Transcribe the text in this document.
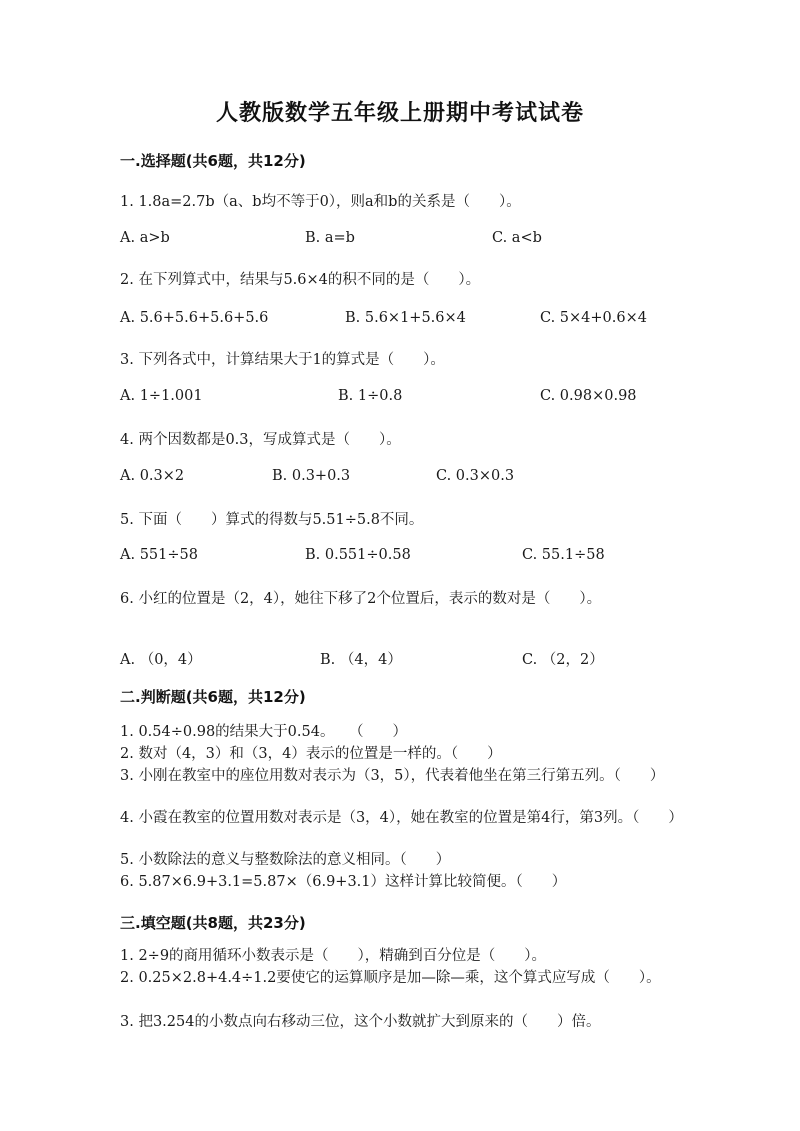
人教版数学五年级上册期中考试试卷
一.选择题(共6题，共12分)
1. 1.8a=2.7b（a、b均不等于0），则a和b的关系是（　　）。
A. a>b	B. a=b	C. a<b
2. 在下列算式中，结果与5.6×4的积不同的是（　　）。
A. 5.6+5.6+5.6+5.6	B. 5.6×1+5.6×4	C. 5×4+0.6×4
3. 下列各式中，计算结果大于1的算式是（　　）。
A. 1÷1.001	B. 1÷0.8	C. 0.98×0.98
4. 两个因数都是0.3，写成算式是（　　）。
A. 0.3×2	B. 0.3+0.3	C. 0.3×0.3
5. 下面（　　）算式的得数与5.51÷5.8不同。
A. 551÷58	B. 0.551÷0.58	C. 55.1÷58
6. 小红的位置是（2，4），她往下移了2个位置后，表示的数对是（　　）。
A. （0，4）	B. （4，4）	C. （2，2）
二.判断题(共6题，共12分)
1. 0.54÷0.98的结果大于0.54。　　（　　）
2. 数对（4，3）和（3，4）表示的位置是一样的。（　　）
3. 小刚在教室中的座位用数对表示为（3，5），代表着他坐在第三行第五列。（　　）
4. 小霞在教室的位置用数对表示是（3，4），她在教室的位置是第4行，第3列。（　　）
5. 小数除法的意义与整数除法的意义相同。（　　）
6. 5.87×6.9+3.1=5.87×（6.9+3.1）这样计算比较简便。（　　）
三.填空题(共8题，共23分)
1. 2÷9的商用循环小数表示是（　　），精确到百分位是（　　）。
2. 0.25×2.8+4.4÷1.2要使它的运算顺序是加—除—乘，这个算式应写成（　　）。
3. 把3.254的小数点向右移动三位，这个小数就扩大到原来的（　　）倍。
